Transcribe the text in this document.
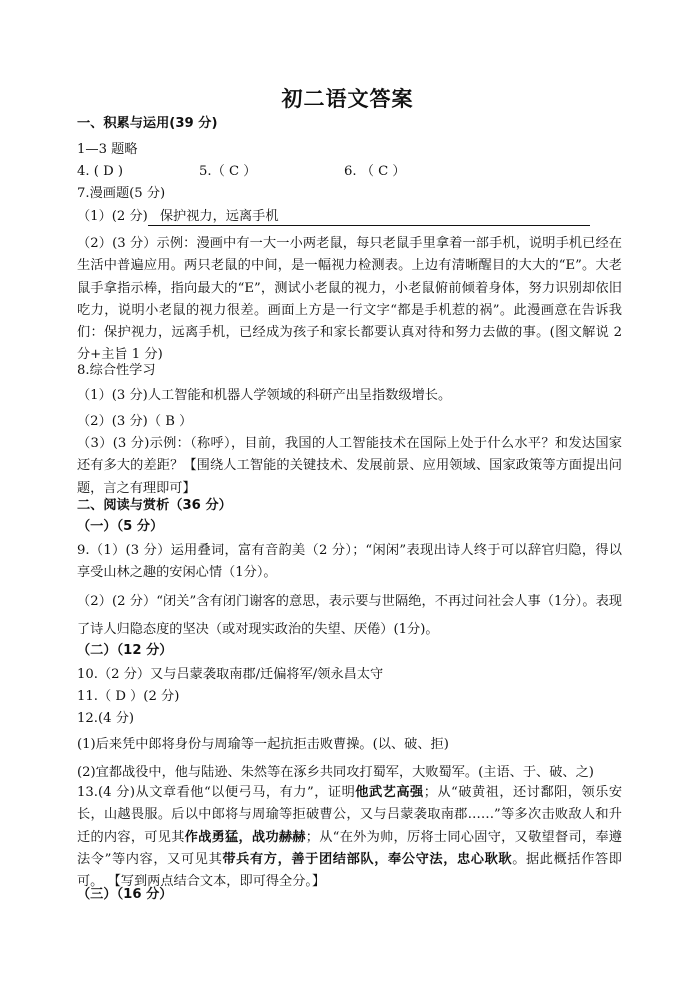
初二语文答案
一、积累与运用(39 分)
1—3 题略
4. ( D )	5.（ C ）	6. （ C ）
7.漫画题(5 分)
（1）(2 分) 保护视力，远离手机
（2）(3 分）示例：漫画中有一大一小两老鼠，每只老鼠手里拿着一部手机，说明手机已经在生活中普遍应用。两只老鼠的中间，是一幅视力检测表。上边有清晰醒目的大大的“E”。大老鼠手拿指示棒，指向最大的“E”，测试小老鼠的视力，小老鼠俯前倾着身体，努力识别却依旧吃力，说明小老鼠的视力很差。画面上方是一行文字“都是手机惹的祸”。此漫画意在告诉我们：保护视力，远离手机，已经成为孩子和家长都要认真对待和努力去做的事。(图文解说 2 分+主旨 1 分)
8.综合性学习
（1）(3 分)人工智能和机器人学领域的科研产出呈指数级增长。
（2）(3 分)（ B ）
（3）(3 分)示例：（称呼），目前，我国的人工智能技术在国际上处于什么水平？和发达国家还有多大的差距？【围绕人工智能的关键技术、发展前景、应用领域、国家政策等方面提出问题，言之有理即可】
二、阅读与赏析（36 分）
（一）（5 分）
9.（1）(3 分）运用叠词，富有音韵美（2 分）；“闲闲”表现出诗人终于可以辞官归隐，得以享受山林之趣的安闲心情（1分）。
（2）(2 分）“闭关”含有闭门谢客的意思，表示要与世隔绝，不再过问社会人事（1分）。表现了诗人归隐态度的坚决（或对现实政治的失望、厌倦）(1分)。
（二）（12 分）
10.（2 分）又与吕蒙袭取南郡/迁偏将军/领永昌太守
11.（ D ）(2 分)
12.(4 分)
(1)后来凭中郎将身份与周瑜等一起抗拒击败曹操。(以、破、拒)
(2)宜都战役中，他与陆逊、朱然等在涿乡共同攻打蜀军，大败蜀军。(主语、于、破、之)
13.(4 分)从文章看他“以便弓马，有力”，证明他武艺高强；从“破黄祖，还讨鄱阳，领乐安长，山越畏服。后以中郎将与周瑜等拒破曹公，又与吕蒙袭取南郡……”等多次击败敌人和升迁的内容，可见其作战勇猛，战功赫赫；从“在外为帅，厉将士同心固守，又敬望督司，奉遵法令”等内容，又可见其带兵有方，善于团结部队，奉公守法，忠心耿耿。据此概括作答即可。 【写到两点结合文本，即可得全分。】
（三）（16 分）
